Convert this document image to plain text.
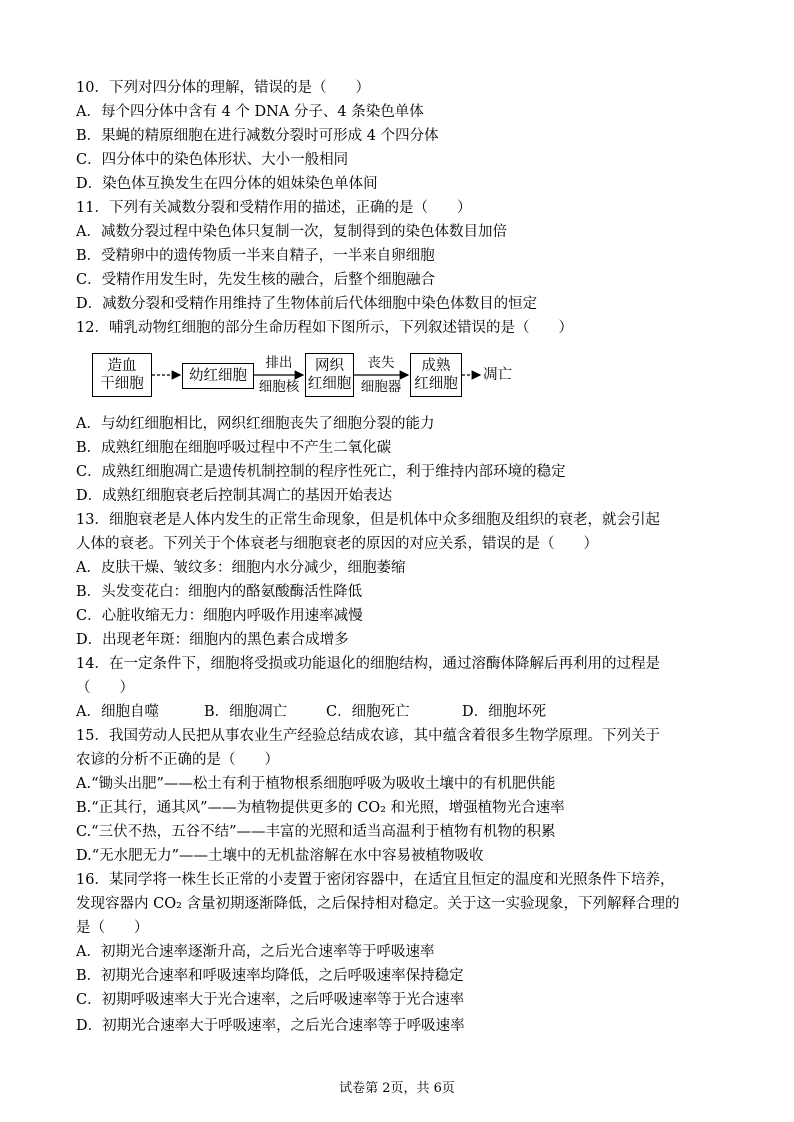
10．下列对四分体的理解，错误的是（　　）
A．每个四分体中含有 4 个 DNA 分子、4 条染色单体
B．果蝇的精原细胞在进行减数分裂时可形成 4 个四分体
C．四分体中的染色体形状、大小一般相同
D．染色体互换发生在四分体的姐妹染色单体间
11．下列有关减数分裂和受精作用的描述，正确的是（　　）
A．减数分裂过程中染色体只复制一次，复制得到的染色体数目加倍
B．受精卵中的遗传物质一半来自精子，一半来自卵细胞
C．受精作用发生时，先发生核的融合，后整个细胞融合
D．减数分裂和受精作用维持了生物体前后代体细胞中染色体数目的恒定
12．哺乳动物红细胞的部分生命历程如下图所示，下列叙述错误的是（　　）
造血
干细胞	幼红细胞
排出
细胞核
网织
红细胞
丧失
细胞器
成熟
红细胞
凋亡
A．与幼红细胞相比，网织红细胞丧失了细胞分裂的能力
B．成熟红细胞在细胞呼吸过程中不产生二氧化碳
C．成熟红细胞凋亡是遗传机制控制的程序性死亡，利于维持内部环境的稳定
D．成熟红细胞衰老后控制其凋亡的基因开始表达
13．细胞衰老是人体内发生的正常生命现象，但是机体中众多细胞及组织的衰老，就会引起
人体的衰老。下列关于个体衰老与细胞衰老的原因的对应关系，错误的是（　　）
A．皮肤干燥、皱纹多：细胞内水分减少，细胞萎缩
B．头发变花白：细胞内的酪氨酸酶活性降低
C．心脏收缩无力：细胞内呼吸作用速率减慢
D．出现老年斑：细胞内的黑色素合成增多
14．在一定条件下，细胞将受损或功能退化的细胞结构，通过溶酶体降解后再利用的过程是
（　　）
A．细胞自噬	B．细胞凋亡	C．细胞死亡	D．细胞坏死
15．我国劳动人民把从事农业生产经验总结成农谚，其中蕴含着很多生物学原理。下列关于
农谚的分析不正确的是（　　）
A.“锄头出肥”——松土有利于植物根系细胞呼吸为吸收土壤中的有机肥供能
B.“正其行，通其风”——为植物提供更多的 CO₂ 和光照，增强植物光合速率
C.“三伏不热，五谷不结”——丰富的光照和适当高温利于植物有机物的积累
D.“无水肥无力”——土壤中的无机盐溶解在水中容易被植物吸收
16．某同学将一株生长正常的小麦置于密闭容器中，在适宜且恒定的温度和光照条件下培养，
发现容器内 CO₂ 含量初期逐渐降低，之后保持相对稳定。关于这一实验现象，下列解释合理的
是（　　）
A．初期光合速率逐渐升高，之后光合速率等于呼吸速率
B．初期光合速率和呼吸速率均降低，之后呼吸速率保持稳定
C．初期呼吸速率大于光合速率，之后呼吸速率等于光合速率
D．初期光合速率大于呼吸速率，之后光合速率等于呼吸速率
试卷第 2页，共 6页
